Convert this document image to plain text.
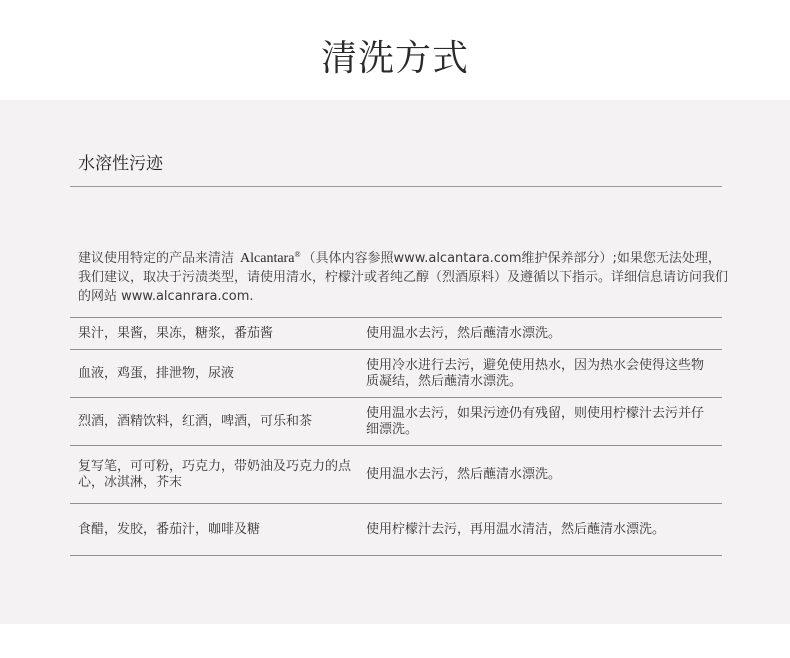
清洗方式
水溶性污迹
建议使用特定的产品来清洁 Alcantara® （具体内容参照www.alcantara.com维护保养部分）;如果您无法处理，我们建议，取决于污渍类型，请使用清水，柠檬汁或者纯乙醇（烈酒原料）及遵循以下指示。详细信息请访问我们的网站 www.alcanrara.com.
果汁，果酱，果冻，糖浆，番茄酱	使用温水去污，然后蘸清水漂洗。
血液，鸡蛋，排泄物，尿液
使用冷水进行去污，避免使用热水，因为热水会使得这些物质凝结，然后蘸清水漂洗。
烈酒，酒精饮料，红酒，啤酒，可乐和茶
使用温水去污，如果污迹仍有残留，则使用柠檬汁去污并仔细漂洗。
复写笔，可可粉，巧克力，带奶油及巧克力的点心，冰淇淋，芥末
使用温水去污，然后蘸清水漂洗。
食醋，发胶，番茄汁，咖啡及糖	使用柠檬汁去污，再用温水清洁，然后蘸清水漂洗。
